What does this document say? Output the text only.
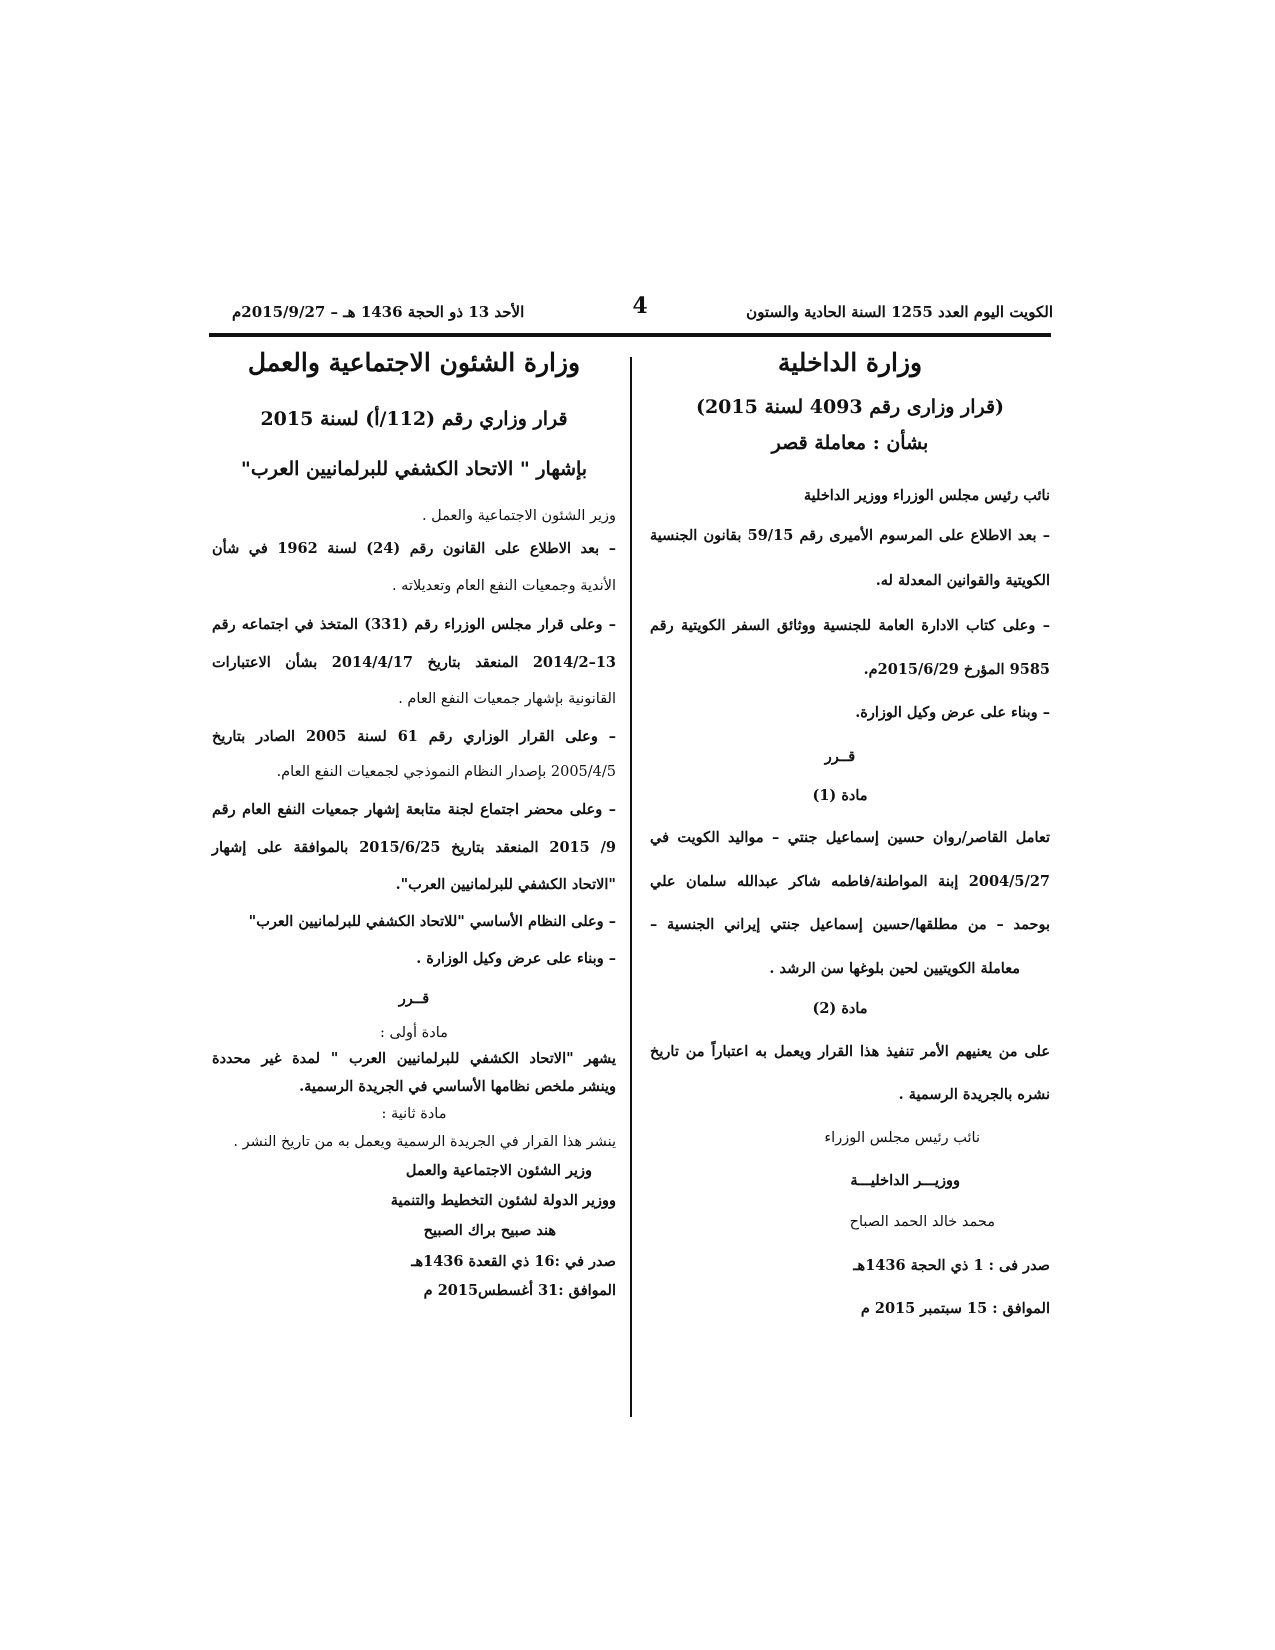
الكويت اليوم العدد 1255 السنة الحادية والستون
4
الأحد 13 ذو الحجة 1436 هـ – 2015/9/27م
وزارة الداخلية
(قرار وزارى رقم 4093 لسنة 2015)
بشأن : معاملة قصر
نائب رئيس مجلس الوزراء ووزير الداخلية
– بعد الاطلاع على المرسوم الأميرى رقم 59/15 بقانون الجنسية
الكويتية والقوانين المعدلة له.
– وعلى كتاب الادارة العامة للجنسية ووثائق السفر الكويتية رقم
9585 المؤرخ 2015/6/29م.
– وبناء على عرض وكيل الوزارة.
قــرر
مادة (1)
تعامل القاصر/روان حسين إسماعيل جنتي – مواليد الكويت في
2004/5/27 إبنة المواطنة/فاطمه شاكر عبدالله سلمان علي
بوحمد – من مطلقها/حسين إسماعيل جنتي إيراني الجنسية –
معاملة الكويتيين لحين بلوغها سن الرشد .
مادة (2)
على من يعنيهم الأمر تنفيذ هذا القرار ويعمل به اعتباراً من تاريخ
نشره بالجريدة الرسمية .
نائب رئيس مجلس الوزراء
ووزيـــر الداخليـــة
محمد خالد الحمد الصباح
صدر فى : 1 ذي الحجة 1436هـ
الموافق : 15 سبتمبر 2015 م
وزارة الشئون الاجتماعية والعمل
قرار وزاري رقم (112/أ) لسنة 2015
بإشهار " الاتحاد الكشفي للبرلمانيين العرب"
وزير الشئون الاجتماعية والعمل .
– بعد الاطلاع على القانون رقم (24) لسنة 1962 في شأن
الأندية وجمعيات النفع العام وتعديلاته .
– وعلى قرار مجلس الوزراء رقم (331) المتخذ في اجتماعه رقم
13–2014/2 المنعقد بتاريخ 2014/4/17 بشأن الاعتبارات
القانونية بإشهار جمعيات النفع العام .
– وعلى القرار الوزاري رقم 61 لسنة 2005 الصادر بتاريخ
2005/4/5 بإصدار النظام النموذجي لجمعيات النفع العام.
– وعلى محضر اجتماع لجنة متابعة إشهار جمعيات النفع العام رقم
9/ 2015 المنعقد بتاريخ 2015/6/25 بالموافقة على إشهار
"الاتحاد الكشفي للبرلمانيين العرب".
– وعلى النظام الأساسي "للاتحاد الكشفي للبرلمانيين العرب"
– وبناء على عرض وكيل الوزارة .
قــرر
مادة أولى :
يشهر "الاتحاد الكشفي للبرلمانيين العرب " لمدة غير محددة
وينشر ملخص نظامها الأساسي في الجريدة الرسمية.
مادة ثانية :
ينشر هذا القرار في الجريدة الرسمية ويعمل به من تاريخ النشر .
وزير الشئون الاجتماعية والعمل
ووزير الدولة لشئون التخطيط والتنمية
هند صبيح براك الصبيح
صدر في :16 ذي القعدة 1436هـ
الموافق :31 أغسطس2015 م
